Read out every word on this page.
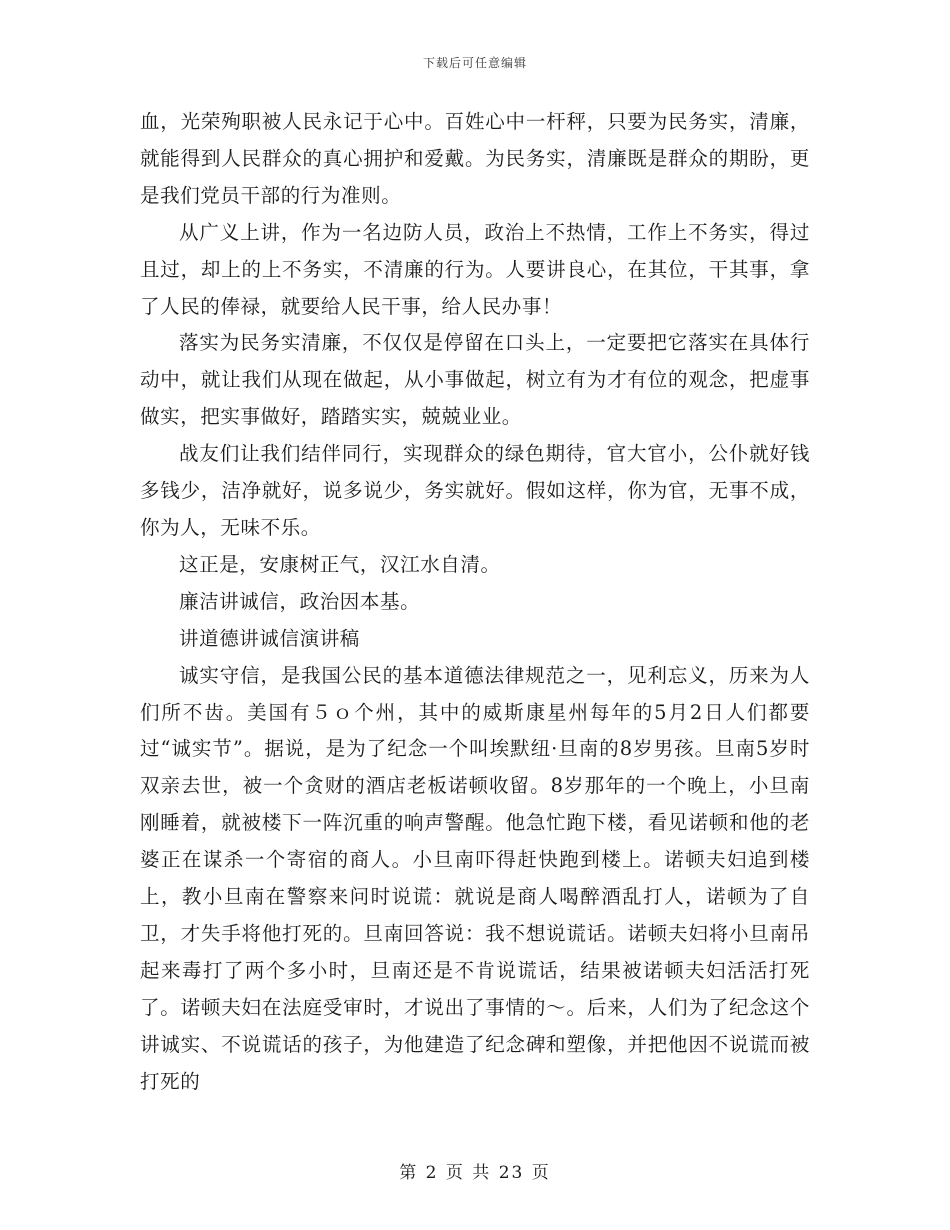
下载后可任意编辑

血，光荣殉职被人民永记于心中。百姓心中一杆秤，只要为民务实，清廉，就能得到人民群众的真心拥护和爱戴。为民务实，清廉既是群众的期盼，更是我们党员干部的行为准则。

从广义上讲，作为一名边防人员，政治上不热情，工作上不务实，得过且过，却上的上不务实，不清廉的行为。人要讲良心，在其位，干其事，拿了人民的俸禄，就要给人民干事，给人民办事！

落实为民务实清廉，不仅仅是停留在口头上，一定要把它落实在具体行动中，就让我们从现在做起，从小事做起，树立有为才有位的观念，把虚事做实，把实事做好，踏踏实实，兢兢业业。

战友们让我们结伴同行，实现群众的绿色期待，官大官小，公仆就好钱多钱少，洁净就好，说多说少，务实就好。假如这样，你为官，无事不成，你为人，无味不乐。

这正是，安康树正气，汉江水自清。

廉洁讲诚信，政治因本基。

讲道德讲诚信演讲稿

诚实守信，是我国公民的基本道德法律规范之一，见利忘义，历来为人们所不齿。美国有５ｏ个州，其中的威斯康星州每年的5月2日人们都要过“诚实节”。据说，是为了纪念一个叫埃默纽·旦南的8岁男孩。旦南5岁时双亲去世，被一个贪财的酒店老板诺顿收留。8岁那年的一个晚上，小旦南刚睡着，就被楼下一阵沉重的响声警醒。他急忙跑下楼，看见诺顿和他的老婆正在谋杀一个寄宿的商人。小旦南吓得赶快跑到楼上。诺顿夫妇追到楼上，教小旦南在警察来问时说谎：就说是商人喝醉酒乱打人，诺顿为了自卫，才失手将他打死的。旦南回答说：我不想说谎话。诺顿夫妇将小旦南吊起来毒打了两个多小时，旦南还是不肯说谎话，结果被诺顿夫妇活活打死了。诺顿夫妇在法庭受审时，才说出了事情的～。后来，人们为了纪念这个讲诚实、不说谎话的孩子，为他建造了纪念碑和塑像，并把他因不说谎而被打死的

第 2 页 共 23 页
